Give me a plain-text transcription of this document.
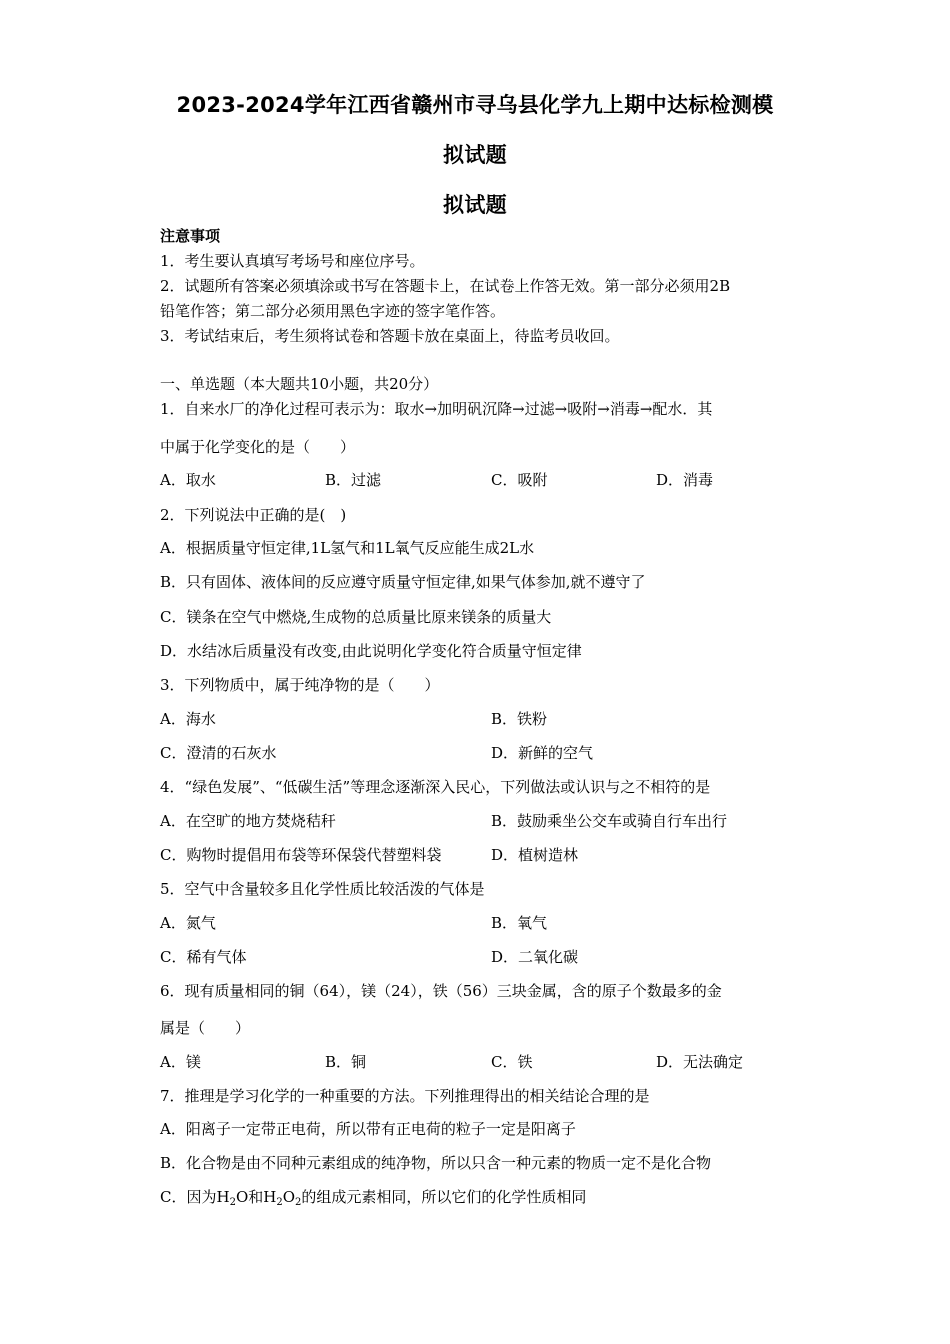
2023-2024学年江西省赣州市寻乌县化学九上期中达标检测模
拟试题
拟试题
注意事项
1．考生要认真填写考场号和座位序号。
2．试题所有答案必须填涂或书写在答题卡上，在试卷上作答无效。第一部分必须用2B
铅笔作答；第二部分必须用黑色字迹的签字笔作答。
3．考试结束后，考生须将试卷和答题卡放在桌面上，待监考员收回。
一、单选题（本大题共10小题，共20分）
1．自来水厂的净化过程可表示为：取水→加明矾沉降→过滤→吸附→消毒→配水．其
中属于化学变化的是（　　）
A．取水	B．过滤	C．吸附	D．消毒
2．下列说法中正确的是(　)
A．根据质量守恒定律,1L氢气和1L氧气反应能生成2L水
B．只有固体、液体间的反应遵守质量守恒定律,如果气体参加,就不遵守了
C．镁条在空气中燃烧,生成物的总质量比原来镁条的质量大
D．水结冰后质量没有改变,由此说明化学变化符合质量守恒定律
3．下列物质中，属于纯净物的是（　　）
A．海水	B．铁粉
C．澄清的石灰水	D．新鲜的空气
4．“绿色发展”、“低碳生活”等理念逐渐深入民心，下列做法或认识与之不相符的是
A．在空旷的地方焚烧秸秆	B．鼓励乘坐公交车或骑自行车出行
C．购物时提倡用布袋等环保袋代替塑料袋	D．植树造林
5．空气中含量较多且化学性质比较活泼的气体是
A．氮气	B．氧气
C．稀有气体	D．二氧化碳
6．现有质量相同的铜（64），镁（24），铁（56）三块金属，含的原子个数最多的金
属是（　　）
A．镁	B．铜	C．铁	D．无法确定
7．推理是学习化学的一种重要的方法。下列推理得出的相关结论合理的是
A．阳离子一定带正电荷，所以带有正电荷的粒子一定是阳离子
B．化合物是由不同种元素组成的纯净物，所以只含一种元素的物质一定不是化合物
C．因为$H_2O$和$H_2O_2$的组成元素相同，所以它们的化学性质相同
